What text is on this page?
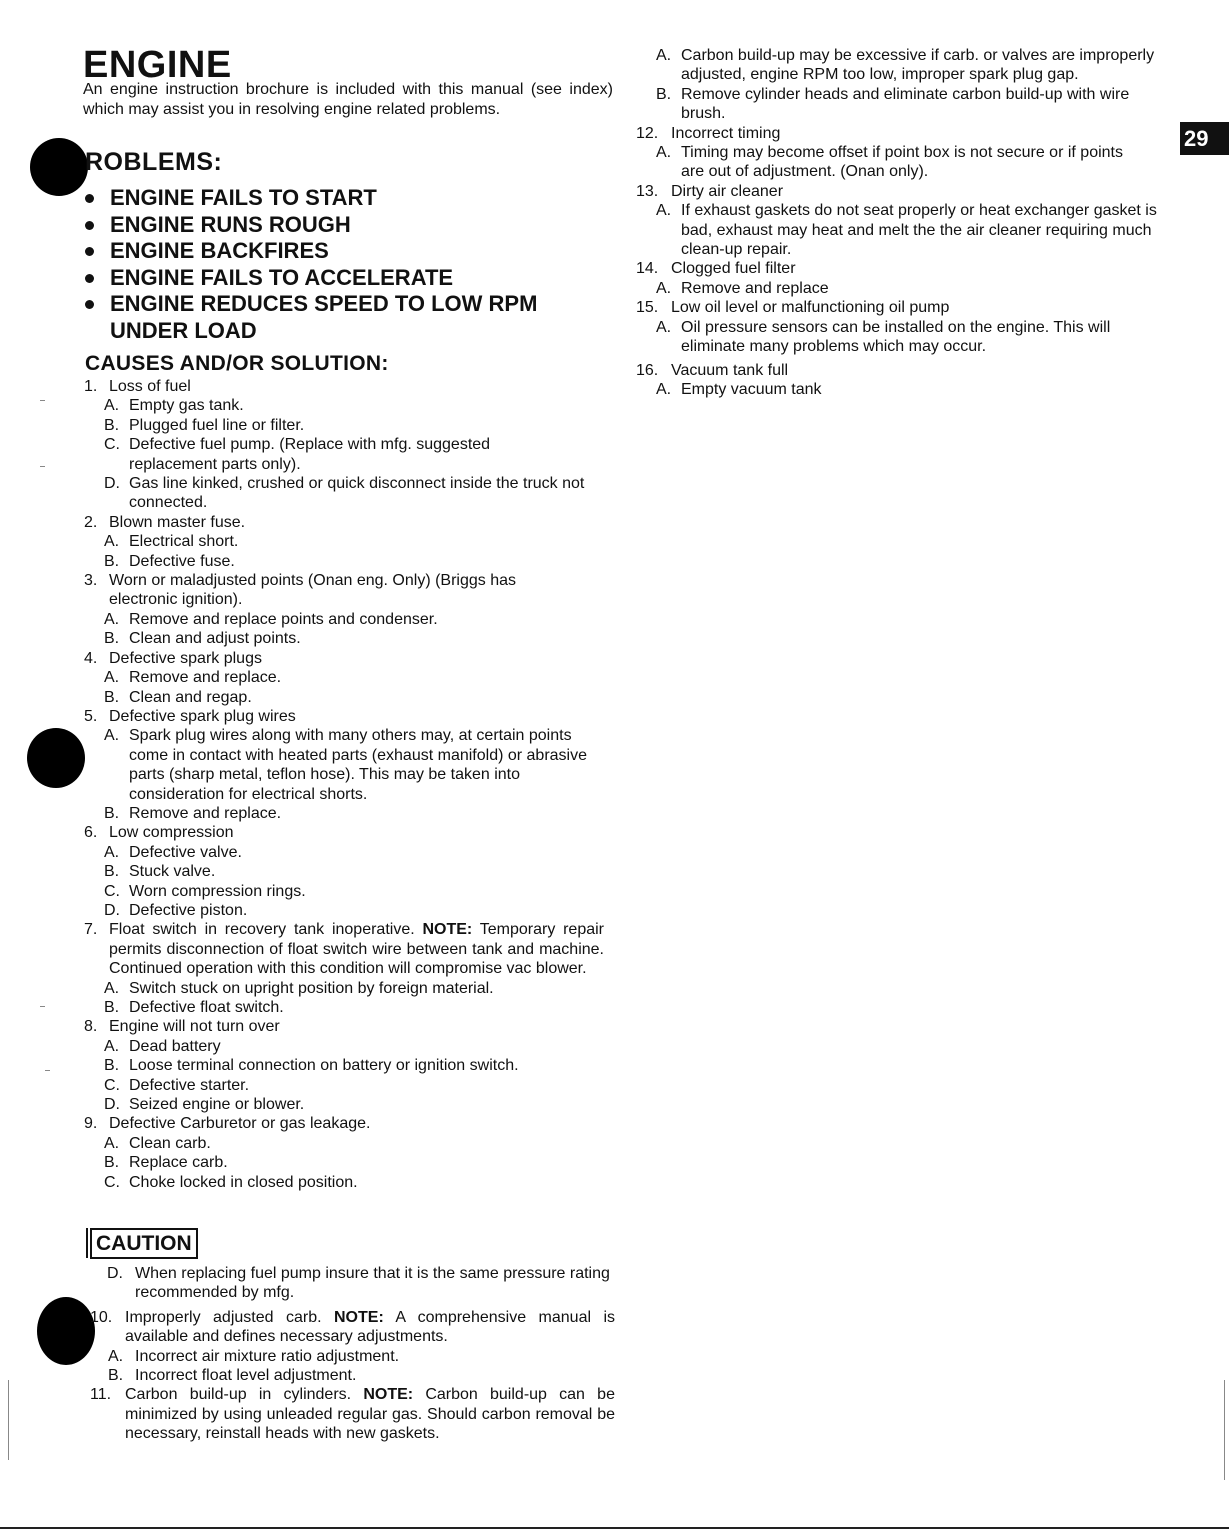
ENGINE
An engine instruction brochure is included with this manual (see index) which may assist you in resolving engine related problems.
ROBLEMS:
ENGINE FAILS TO START
ENGINE RUNS ROUGH
ENGINE BACKFIRES
ENGINE FAILS TO ACCELERATE
ENGINE REDUCES SPEED TO LOW RPM UNDER LOAD
CAUSES AND/OR SOLUTION:
1. Loss of fuel
A. Empty gas tank.
B. Plugged fuel line or filter.
C. Defective fuel pump. (Replace with mfg. suggested replacement parts only).
D. Gas line kinked, crushed or quick disconnect inside the truck not connected.
2. Blown master fuse.
A. Electrical short.
B. Defective fuse.
3. Worn or maladjusted points (Onan eng. Only) (Briggs has electronic ignition).
A. Remove and replace points and condenser.
B. Clean and adjust points.
4. Defective spark plugs
A. Remove and replace.
B. Clean and regap.
5. Defective spark plug wires
A. Spark plug wires along with many others may, at certain points come in contact with heated parts (exhaust manifold) or abrasive parts (sharp metal, teflon hose). This may be taken into consideration for electrical shorts.
B. Remove and replace.
6. Low compression
A. Defective valve.
B. Stuck valve.
C. Worn compression rings.
D. Defective piston.
7. Float switch in recovery tank inoperative. NOTE: Temporary repair permits disconnection of float switch wire between tank and machine. Continued operation with this condition will compromise vac blower.
A. Switch stuck on upright position by foreign material.
B. Defective float switch.
8. Engine will not turn over
A. Dead battery
B. Loose terminal connection on battery or ignition switch.
C. Defective starter.
D. Seized engine or blower.
9. Defective Carburetor or gas leakage.
A. Clean carb.
B. Replace carb.
C. Choke locked in closed position.
CAUTION
D. When replacing fuel pump insure that it is the same pressure rating recommended by mfg.
10. Improperly adjusted carb. NOTE: A comprehensive manual is available and defines necessary adjustments.
A. Incorrect air mixture ratio adjustment.
B. Incorrect float level adjustment.
11. Carbon build-up in cylinders. NOTE: Carbon build-up can be minimized by using unleaded regular gas. Should carbon removal be necessary, reinstall heads with new gaskets.
A. Carbon build-up may be excessive if carb. or valves are improperly adjusted, engine RPM too low, improper spark plug gap.
B. Remove cylinder heads and eliminate carbon build-up with wire brush.
12. Incorrect timing
A. Timing may become offset if point box is not secure or if points are out of adjustment. (Onan only).
13. Dirty air cleaner
A. If exhaust gaskets do not seat properly or heat exchanger gasket is bad, exhaust may heat and melt the the air cleaner requiring much clean-up repair.
14. Clogged fuel filter
A. Remove and replace
15. Low oil level or malfunctioning oil pump
A. Oil pressure sensors can be installed on the engine. This will eliminate many problems which may occur.
16. Vacuum tank full
A. Empty vacuum tank
29
